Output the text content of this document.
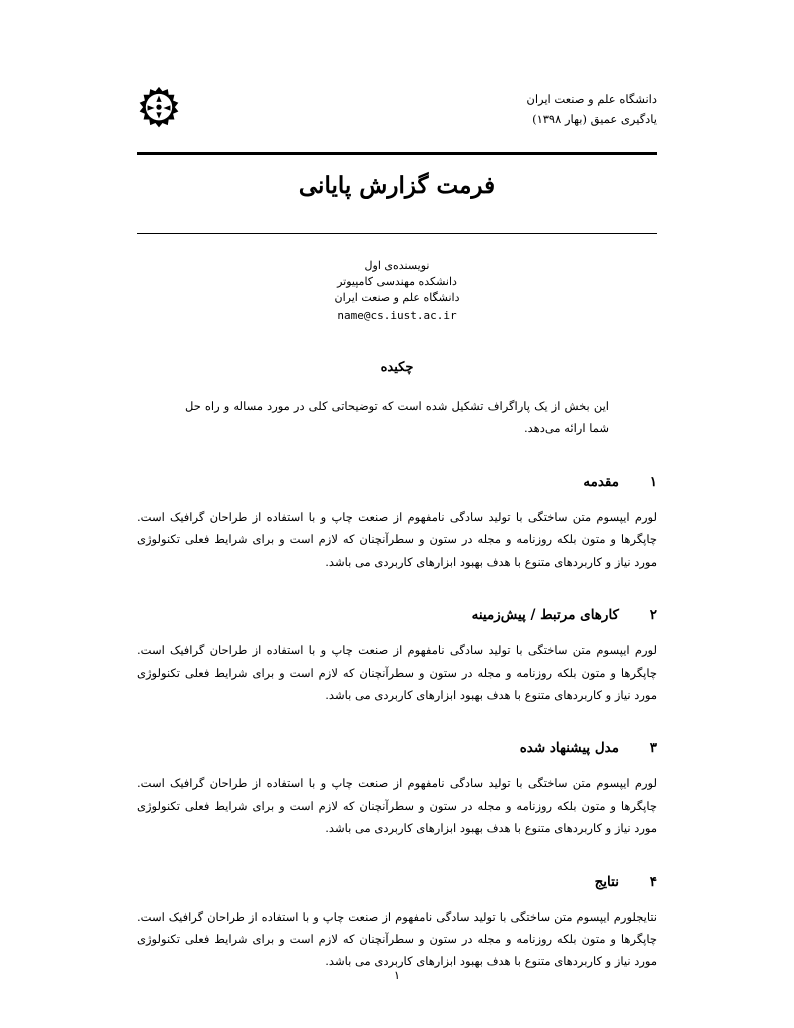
دانشگاه علم و صنعت ایران
یادگیری عمیق (بهار ۱۳۹۸)
فرمت گزارش پایانی
نویسنده‌ی اول
دانشکده مهندسی کامپیوتر
دانشگاه علم و صنعت ایران
name@cs.iust.ac.ir
چکیده

این بخش از یک پاراگراف تشکیل شده است که توضیحاتی کلی در مورد مساله و راه حل شما ارائه می‌دهد.

۱
مقدمه

لورم ایپسوم متن ساختگی با تولید سادگی نامفهوم از صنعت چاپ و با استفاده از طراحان گرافیک است. چاپگرها و متون بلکه روزنامه و مجله در ستون و سطرآنچنان که لازم است و برای شرایط فعلی تکنولوژی مورد نیاز و کاربردهای متنوع با هدف بهبود ابزارهای کاربردی می باشد.

۲
کارهای مرتبط / پیش‌زمینه

لورم ایپسوم متن ساختگی با تولید سادگی نامفهوم از صنعت چاپ و با استفاده از طراحان گرافیک است. چاپگرها و متون بلکه روزنامه و مجله در ستون و سطرآنچنان که لازم است و برای شرایط فعلی تکنولوژی مورد نیاز و کاربردهای متنوع با هدف بهبود ابزارهای کاربردی می باشد.

۳
مدل پیشنهاد شده

لورم ایپسوم متن ساختگی با تولید سادگی نامفهوم از صنعت چاپ و با استفاده از طراحان گرافیک است. چاپگرها و متون بلکه روزنامه و مجله در ستون و سطرآنچنان که لازم است و برای شرایط فعلی تکنولوژی مورد نیاز و کاربردهای متنوع با هدف بهبود ابزارهای کاربردی می باشد.

۴
نتایج

نتایجلورم ایپسوم متن ساختگی با تولید سادگی نامفهوم از صنعت چاپ و با استفاده از طراحان گرافیک است. چاپگرها و متون بلکه روزنامه و مجله در ستون و سطرآنچنان که لازم است و برای شرایط فعلی تکنولوژی مورد نیاز و کاربردهای متنوع با هدف بهبود ابزارهای کاربردی می باشد.

۱
